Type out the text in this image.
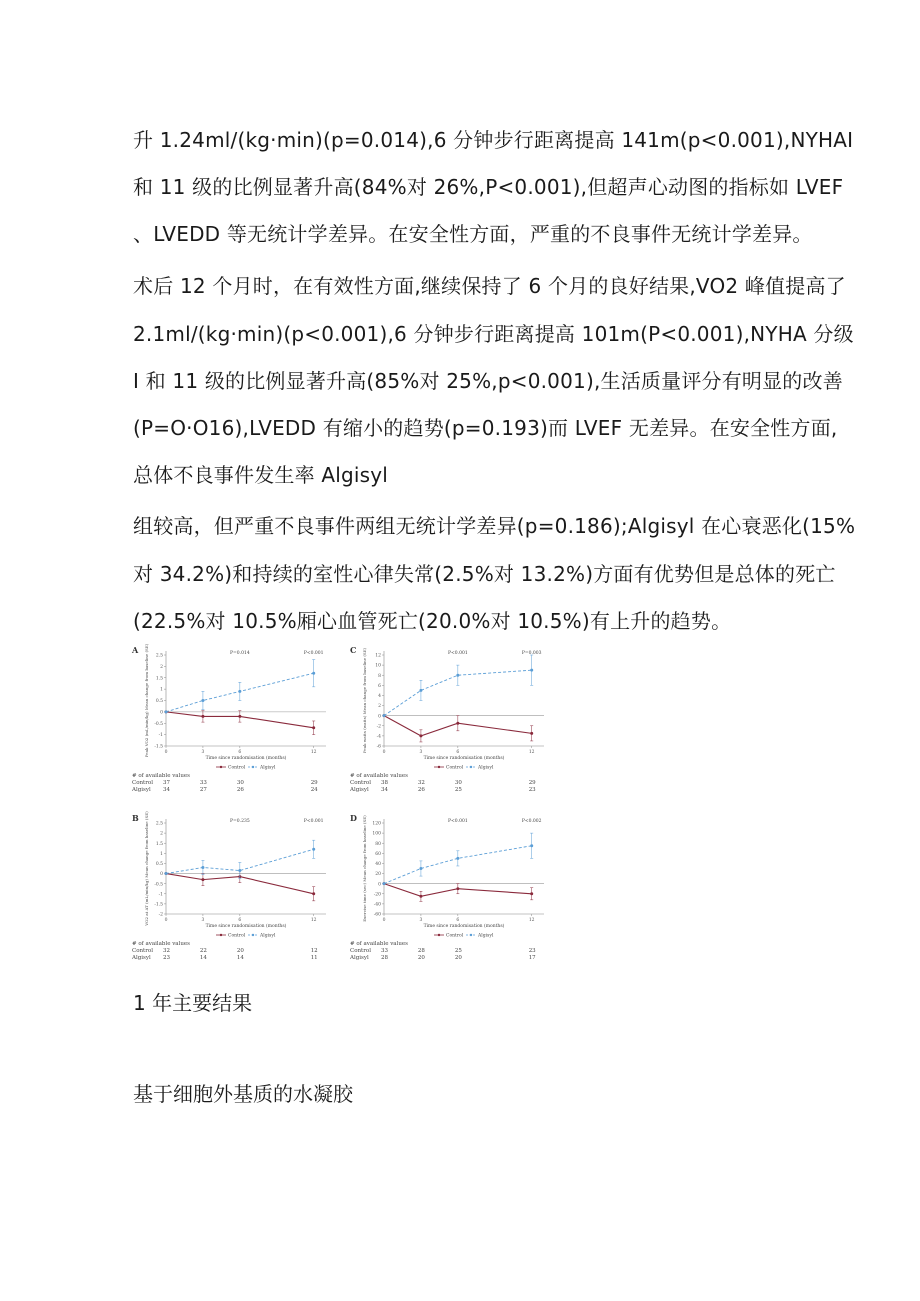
升 1.24ml/(kg·min)(p=0.014),6 分钟步行距离提高 141m(p<0.001),NYHAI
和 11 级的比例显著升高(84%对 26%,P<0.001),但超声心动图的指标如 LVEF
、LVEDD 等无统计学差异。在安全性方面，严重的不良事件无统计学差异。
术后 12 个月时，在有效性方面,继续保持了 6 个月的良好结果,VO2 峰值提高了
2.1ml/(kg·min)(p<0.001),6 分钟步行距离提高 101m(P<0.001),NYHA 分级
I 和 11 级的比例显著升高(85%对 25%,p<0.001),生活质量评分有明显的改善
(P=O·O16),LVEDD 有缩小的趋势(p=0.193)而 LVEF 无差异。在安全性方面,
总体不良事件发生率 Algisyl
组较高，但严重不良事件两组无统计学差异(p=0.186);Algisyl 在心衰恶化(15%
对 34.2%)和持续的室性心律失常(2.5%对 13.2%)方面有优势但是总体的死亡
(22.5%对 10.5%厢心血管死亡(20.0%对 10.5%)有上升的趋势。
A
-1.5
-1
-0.5
0
0.5
1
1.5
2
2.5
0	3	6	12
Time since randomisation (months)
Peak VO2 (mL/min/kg) Mean change from baseline (SE)	P=0.014	P<0.001
Control	Algisyl
# of available values
Control 37	33	30	29
Algisyl 34	27	26	24
C
-6
-4
-2
0
2
4
6
8
10
12
0	3	6	12
Time since randomisation (months)
Peak watts (watts) Mean change from baseline (SE)	P<0.001	P=0.003
Control	Algisyl
# of available values
Control 38	32	30	29
Algisyl 34	26	25	23
B
-2
-1.5
-1
-0.5
0
0.5
1
1.5
2
2.5
0	3	6	12
Time since randomisation (months)
VO2 at AT (mL/min/kg) Mean change from baseline (SE)	P=0.235	P<0.001
Control	Algisyl
# of available values
Control 32	22	20	12
Algisyl 23	14	14	11
D
-60
-40
-20
0
20
40
60
80
100
120
0	3	6	12
Time since randomisation (months)
Exercise time (sec) Mean change from baseline (SE)	P<0.001	P<0.002
Control	Algisyl
# of available values
Control 33	28	25	23
Algisyl 28	20	20	17
1 年主要结果
基于细胞外基质的水凝胶
